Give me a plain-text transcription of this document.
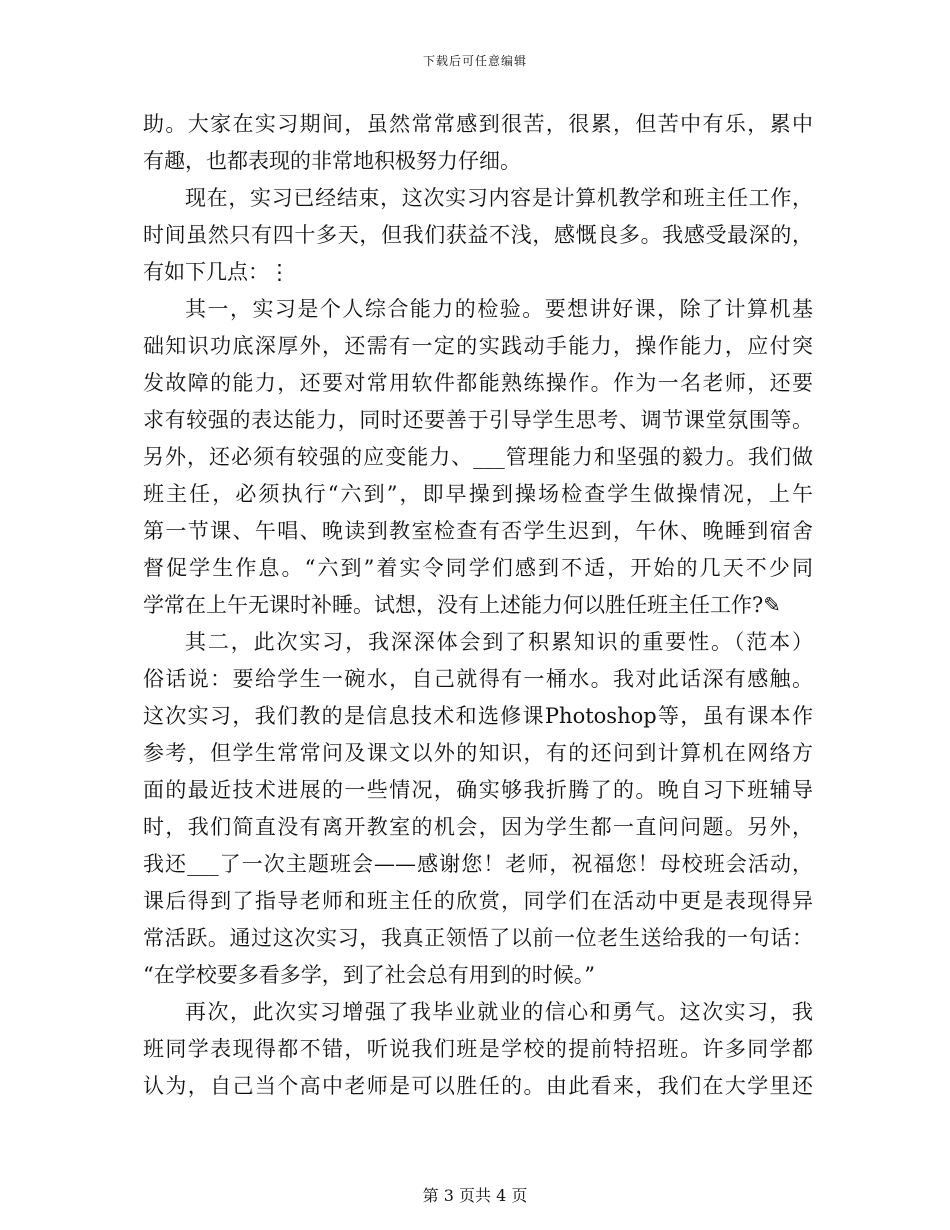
下载后可任意编辑
助。大家在实习期间，虽然常常感到很苦，很累，但苦中有乐，累中
有趣，也都表现的非常地积极努力仔细。
现在，实习已经结束，这次实习内容是计算机教学和班主任工作，
时间虽然只有四十多天，但我们获益不浅，感慨良多。我感受最深的，
有如下几点：⋮
其一，实习是个人综合能力的检验。要想讲好课，除了计算机基
础知识功底深厚外，还需有一定的实践动手能力，操作能力，应付突
发故障的能力，还要对常用软件都能熟练操作。作为一名老师，还要
求有较强的表达能力，同时还要善于引导学生思考、调节课堂氛围等。
另外，还必须有较强的应变能力、___管理能力和坚强的毅力。我们做
班主任，必须执行“六到”，即早操到操场检查学生做操情况，上午
第一节课、午唱、晚读到教室检查有否学生迟到，午休、晚睡到宿舍
督促学生作息。“六到”着实令同学们感到不适，开始的几天不少同
学常在上午无课时补睡。试想，没有上述能力何以胜任班主任工作?✎
其二，此次实习，我深深体会到了积累知识的重要性。（范本）
俗话说：要给学生一碗水，自己就得有一桶水。我对此话深有感触。
这次实习，我们教的是信息技术和选修课Photoshop等，虽有课本作
参考，但学生常常问及课文以外的知识，有的还问到计算机在网络方
面的最近技术进展的一些情况，确实够我折腾了的。晚自习下班辅导
时，我们简直没有离开教室的机会，因为学生都一直问问题。另外，
我还___了一次主题班会——感谢您！老师，祝福您！母校班会活动，
课后得到了指导老师和班主任的欣赏，同学们在活动中更是表现得异
常活跃。通过这次实习，我真正领悟了以前一位老生送给我的一句话：
“在学校要多看多学，到了社会总有用到的时候。”
再次，此次实习增强了我毕业就业的信心和勇气。这次实习，我
班同学表现得都不错，听说我们班是学校的提前特招班。许多同学都
认为，自己当个高中老师是可以胜任的。由此看来，我们在大学里还
第 3 页共 4 页
